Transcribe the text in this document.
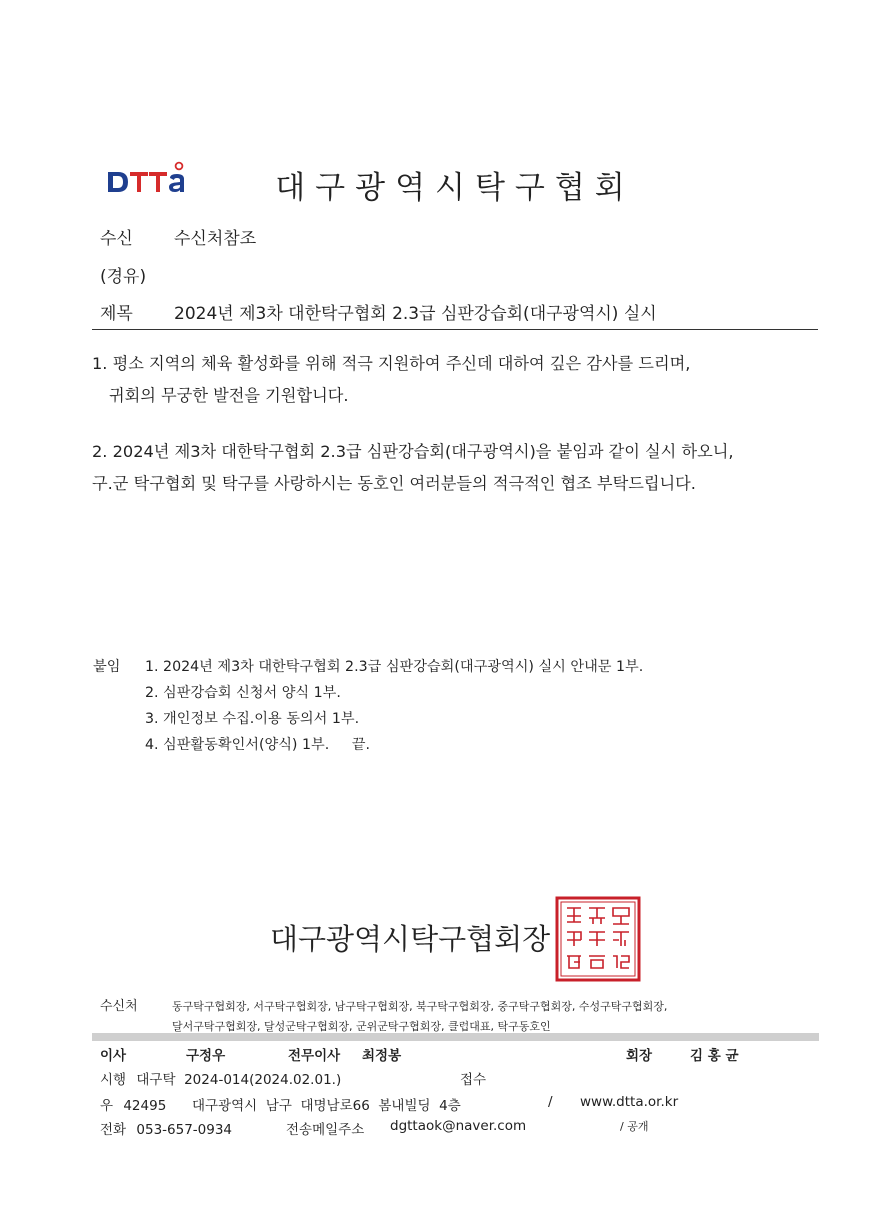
대구광역시탁구협회
수신 수신처참조
(경유)
제목 2024년 제3차 대한탁구협회 2.3급 심판강습회(대구광역시) 실시
1. 평소 지역의 체육 활성화를 위해 적극 지원하여 주신데 대하여 깊은 감사를 드리며,
귀회의 무궁한 발전을 기원합니다.
2. 2024년 제3차 대한탁구협회 2.3급 심판강습회(대구광역시)을 붙임과 같이 실시 하오니,
구.군 탁구협회 및 탁구를 사랑하시는 동호인 여러분들의 적극적인 협조 부탁드립니다.
붙임 1. 2024년 제3차 대한탁구협회 2.3급 심판강습회(대구광역시) 실시 안내문 1부.
2. 심판강습회 신청서 양식 1부.
3. 개인정보 수집.이용 동의서 1부.
4. 심판활동확인서(양식) 1부.     끝.
대구광역시탁구협회장
수신처	동구탁구협회장, 서구탁구협회장, 남구탁구협회장, 북구탁구협회장, 중구탁구협회장, 수성구탁구협회장,
달서구탁구협회장, 달성군탁구협회장, 군위군탁구협회장, 클럽대표, 탁구동호인
이사	구정우	전무이사 최정봉	회장	김 홍 균
시행 대구탁  2024-014(2024.02.01.)	접수
우 42495 대구광역시  남구  대명남로66  봄내빌딩  4층	/ www.dtta.or.kr
전화 053-657-0934	전송메일주소 dgttaok@naver.com	/ 공개
